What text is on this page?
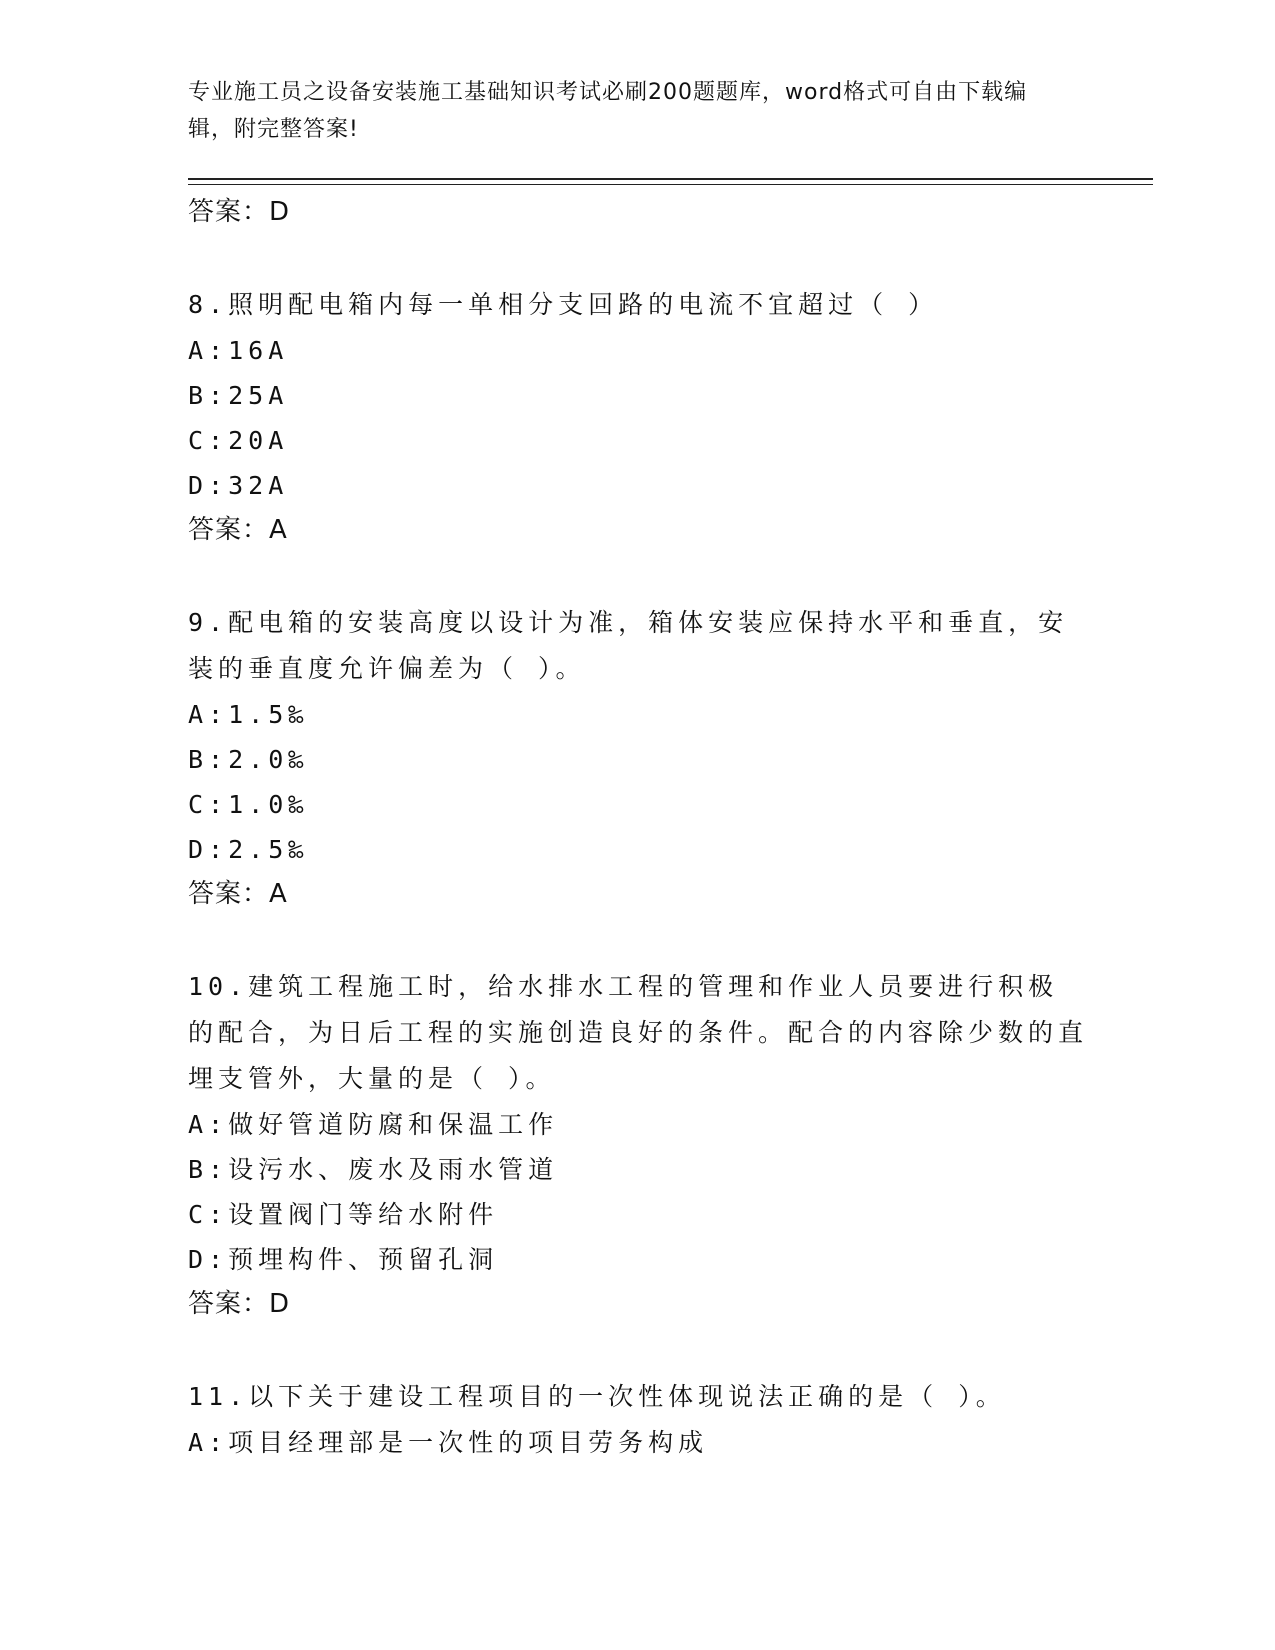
专业施工员之设备安装施工基础知识考试必刷200题题库，word格式可自由下载编辑，附完整答案!
答案：D
8.照明配电箱内每一单相分支回路的电流不宜超过（ ）
A:16A
B:25A
C:20A
D:32A
答案：A
9.配电箱的安装高度以设计为准，箱体安装应保持水平和垂直，安装的垂直度允许偏差为（ ）。
A:1.5‰
B:2.0‰
C:1.0‰
D:2.5‰
答案：A
10.建筑工程施工时，给水排水工程的管理和作业人员要进行积极的配合，为日后工程的实施创造良好的条件。配合的内容除少数的直埋支管外，大量的是（ ）。
A:做好管道防腐和保温工作
B:设污水、废水及雨水管道
C:设置阀门等给水附件
D:预埋构件、预留孔洞
答案：D
11.以下关于建设工程项目的一次性体现说法正确的是（ ）。
A:项目经理部是一次性的项目劳务构成
